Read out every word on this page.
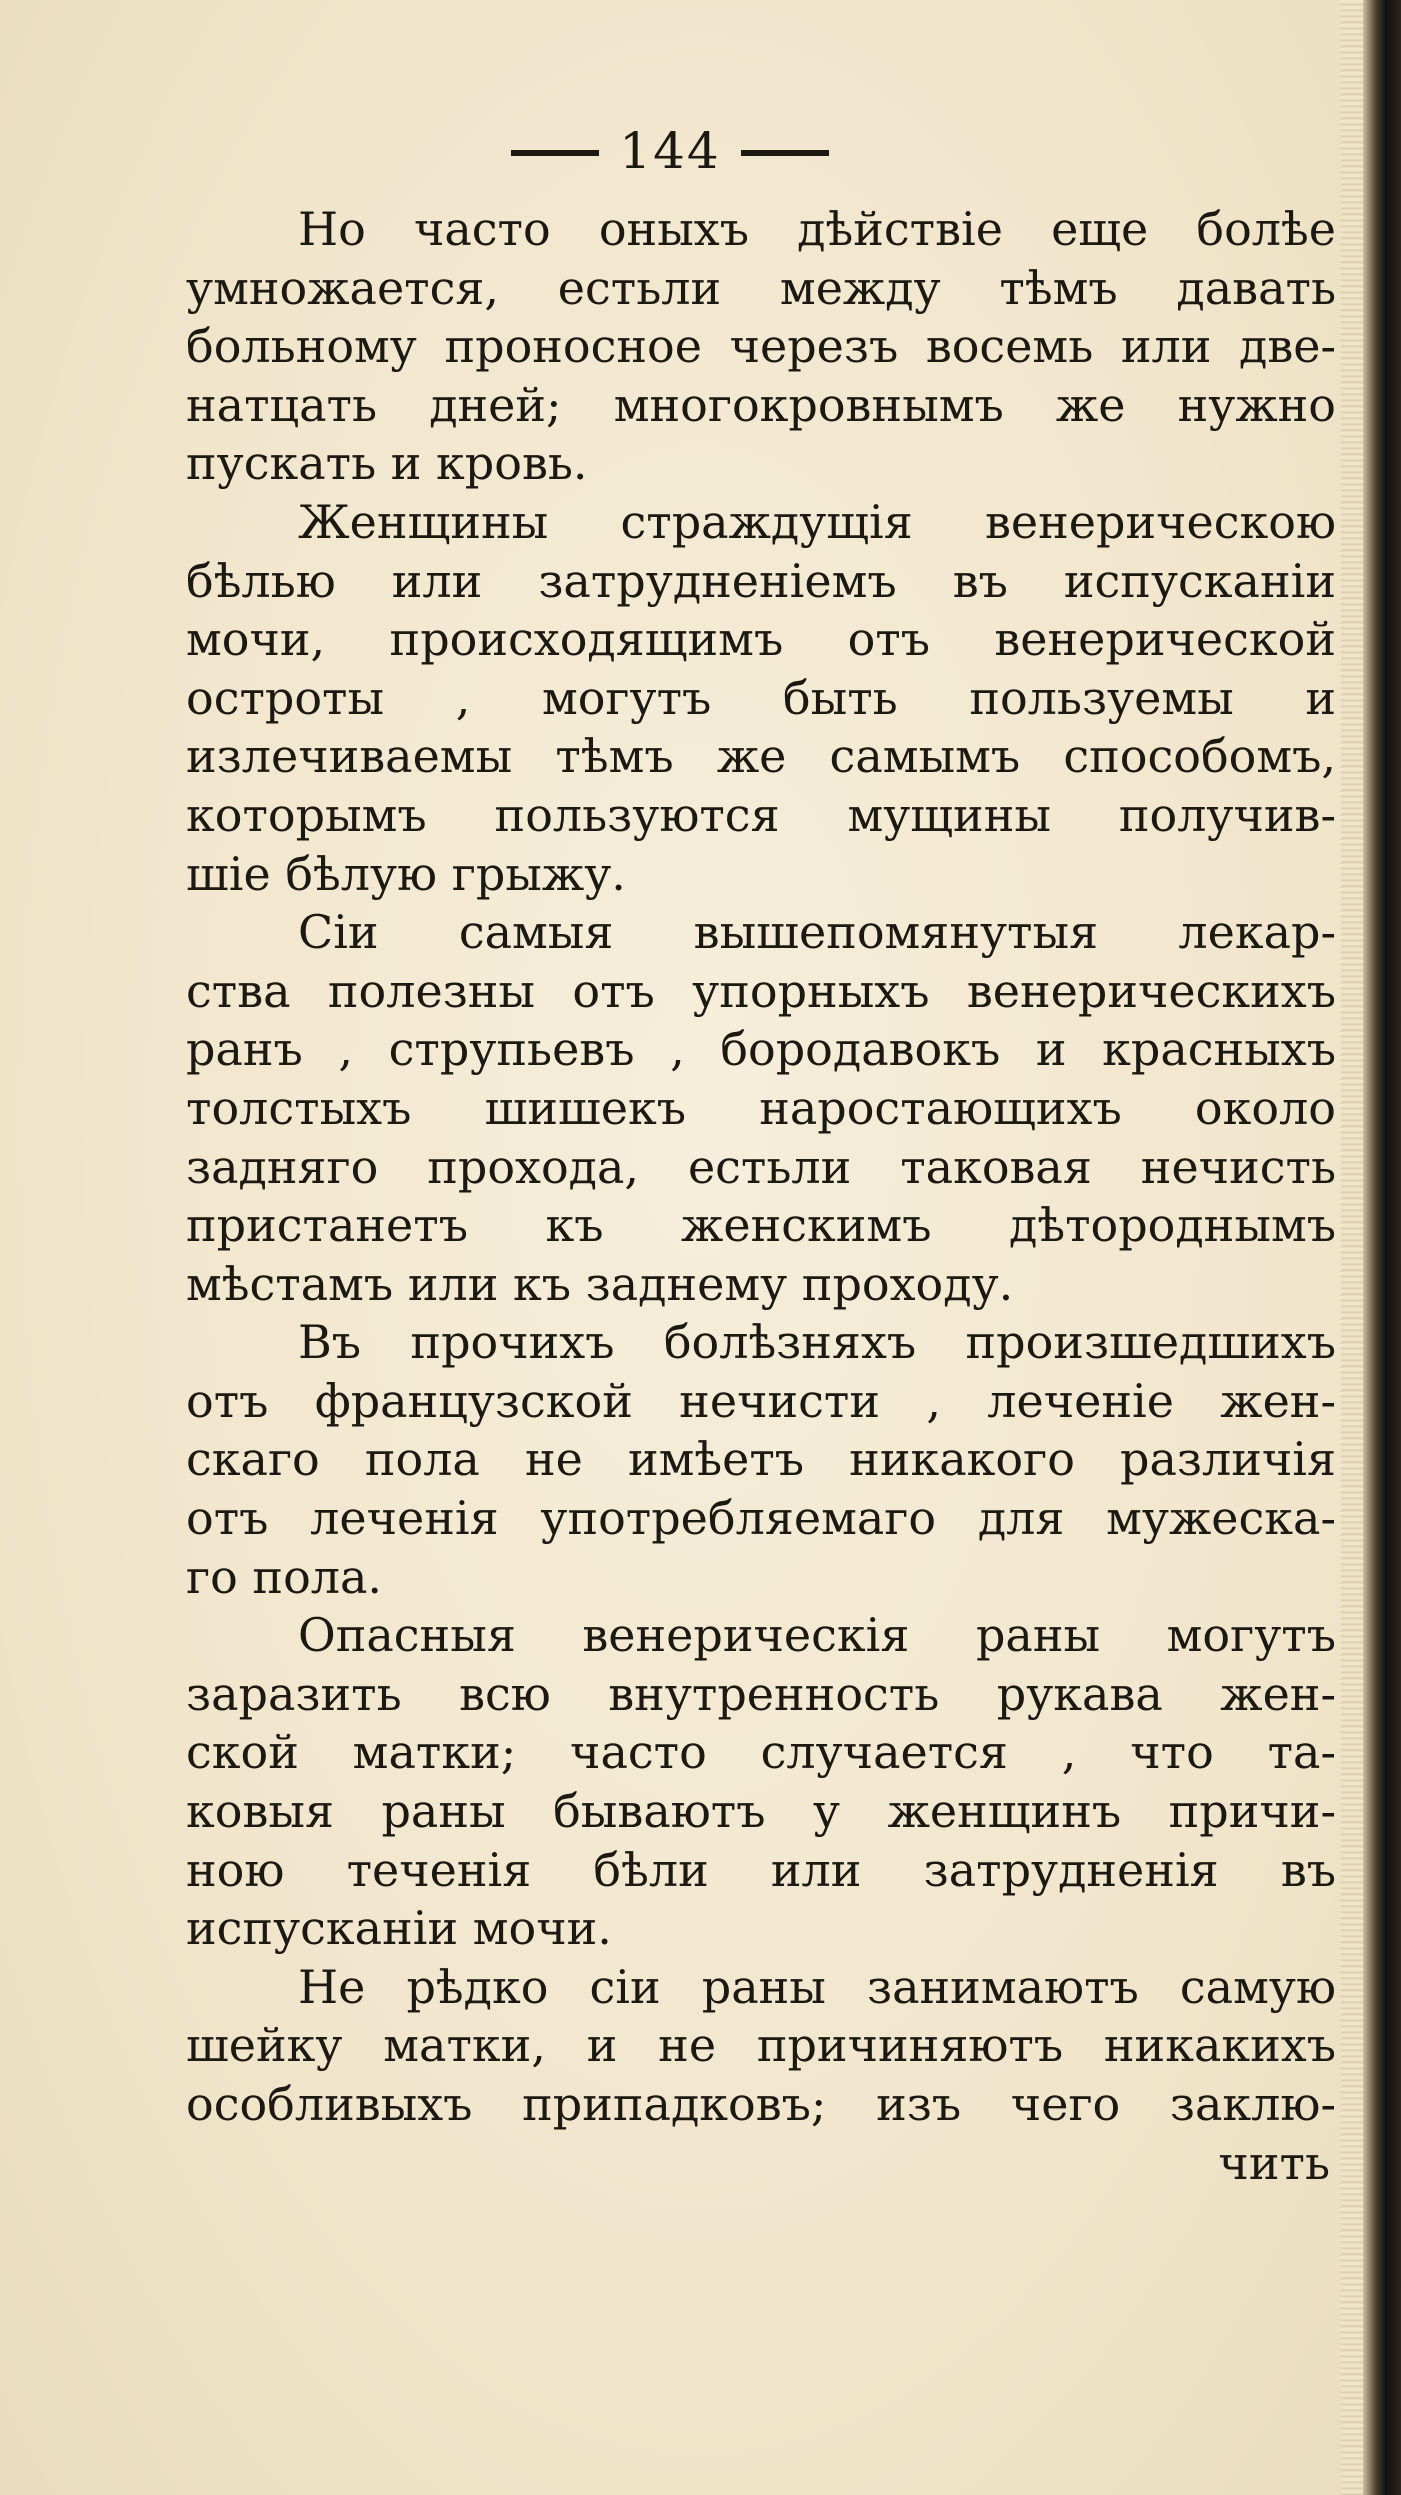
144
Но часто оныхъ дѣйствіе еще болѣе
умножается, естьли между тѣмъ давать
больному проносное черезъ восемь или две-
натцать дней; многокровнымъ же нужно
пускать и кровь.
Женщины страждущія венерическою
бѣлью или затрудненіемъ въ испусканіи
мочи, происходящимъ отъ венерической
остроты , могутъ быть пользуемы и
излечиваемы тѣмъ же самымъ способомъ,
которымъ пользуются мущины получив-
шіе бѣлую грыжу.
Сіи самыя вышепомянутыя лекар-
ства полезны отъ упорныхъ венерическихъ
ранъ , струпьевъ , бородавокъ и красныхъ
толстыхъ шишекъ наростающихъ около
задняго прохода, естьли таковая нечисть
пристанетъ къ женскимъ дѣтороднымъ
мѣстамъ или къ заднему проходу.
Въ прочихъ болѣзняхъ произшедшихъ
отъ французской нечисти , леченіе жен-
скаго пола не имѣетъ никакого различія
отъ леченія употребляемаго для мужеска-
го пола.
Опасныя венерическія раны могутъ
заразить всю внутренность рукава жен-
ской матки; часто случается , что та-
ковыя раны бываютъ у женщинъ причи-
ною теченія бѣли или затрудненія въ
испусканіи мочи.
Не рѣдко сіи раны занимаютъ самую
шейку матки, и не причиняютъ никакихъ
особливыхъ припадковъ; изъ чего заклю-
чить
